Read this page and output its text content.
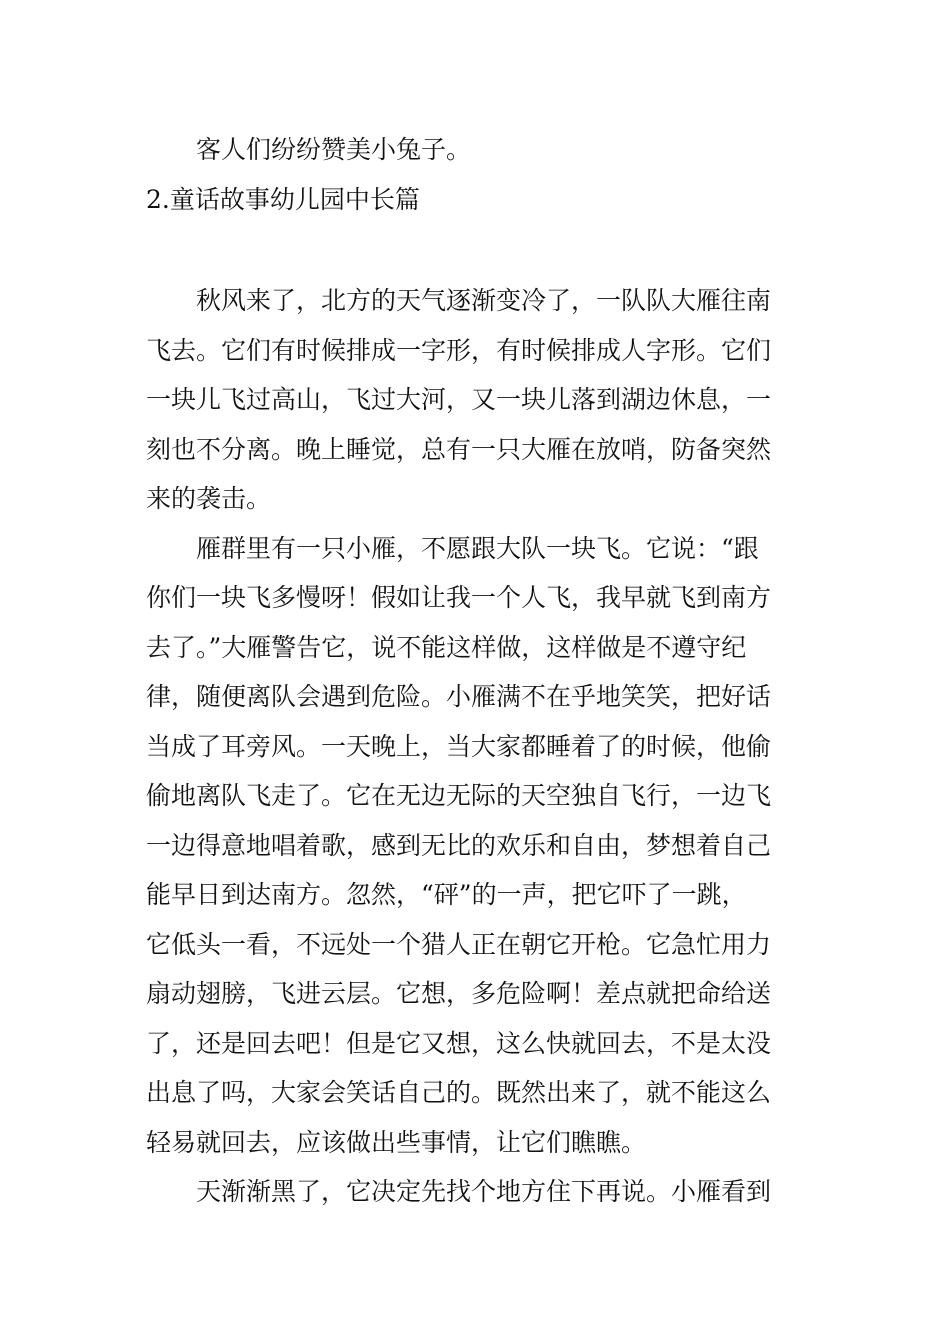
客人们纷纷赞美小兔子。
2.童话故事幼儿园中长篇
秋风来了，北方的天气逐渐变冷了，一队队大雁往南
飞去。它们有时候排成一字形，有时候排成人字形。它们
一块儿飞过高山，飞过大河，又一块儿落到湖边休息，一
刻也不分离。晚上睡觉，总有一只大雁在放哨，防备突然
来的袭击。
雁群里有一只小雁，不愿跟大队一块飞。它说：“跟
你们一块飞多慢呀！假如让我一个人飞，我早就飞到南方
去了。”大雁警告它，说不能这样做，这样做是不遵守纪
律，随便离队会遇到危险。小雁满不在乎地笑笑，把好话
当成了耳旁风。一天晚上，当大家都睡着了的时候，他偷
偷地离队飞走了。它在无边无际的天空独自飞行，一边飞
一边得意地唱着歌，感到无比的欢乐和自由，梦想着自己
能早日到达南方。忽然，“砰”的一声，把它吓了一跳，
它低头一看，不远处一个猎人正在朝它开枪。它急忙用力
扇动翅膀，飞进云层。它想，多危险啊！差点就把命给送
了，还是回去吧！但是它又想，这么快就回去，不是太没
出息了吗，大家会笑话自己的。既然出来了，就不能这么
轻易就回去，应该做出些事情，让它们瞧瞧。
天渐渐黑了，它决定先找个地方住下再说。小雁看到
